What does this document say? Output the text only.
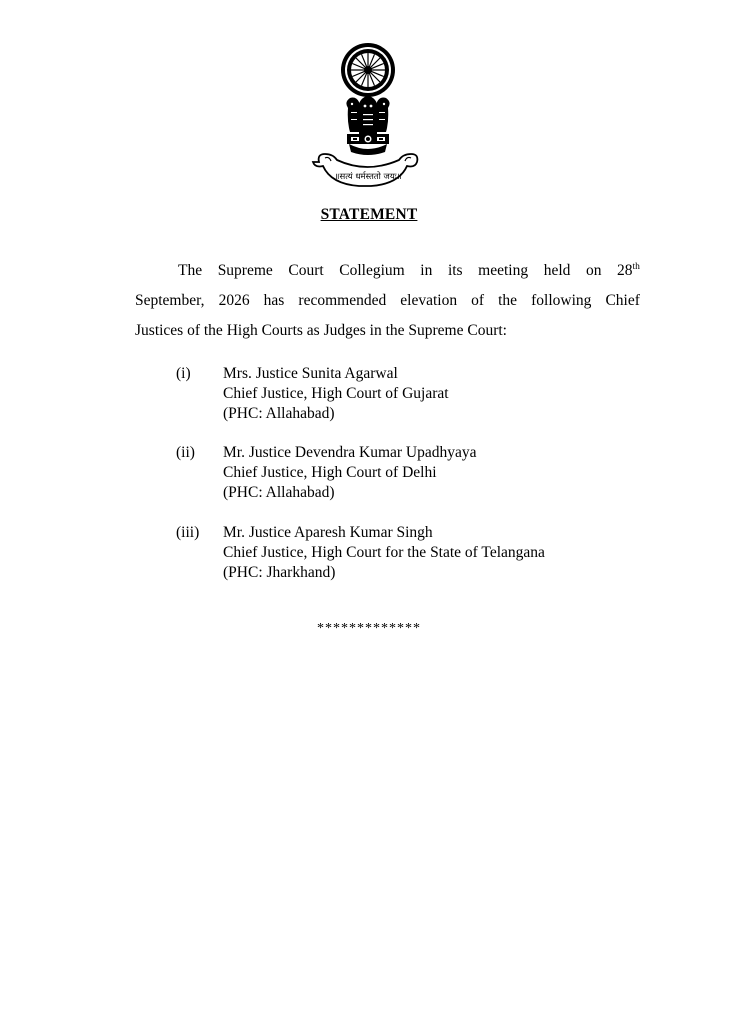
॥सत्यं धर्मस्ततो जयः॥
STATEMENT
The Supreme Court Collegium in its meeting held on 28th
September, 2026 has recommended elevation of the following Chief
Justices of the High Courts as Judges in the Supreme Court:
(i)	Mrs. Justice Sunita Agarwal
Chief Justice, High Court of Gujarat
(PHC: Allahabad)
(ii)	Mr. Justice Devendra Kumar Upadhyaya
Chief Justice, High Court of Delhi
(PHC: Allahabad)
(iii)	Mr. Justice Aparesh Kumar Singh
Chief Justice, High Court for the State of Telangana
(PHC: Jharkhand)
*************
